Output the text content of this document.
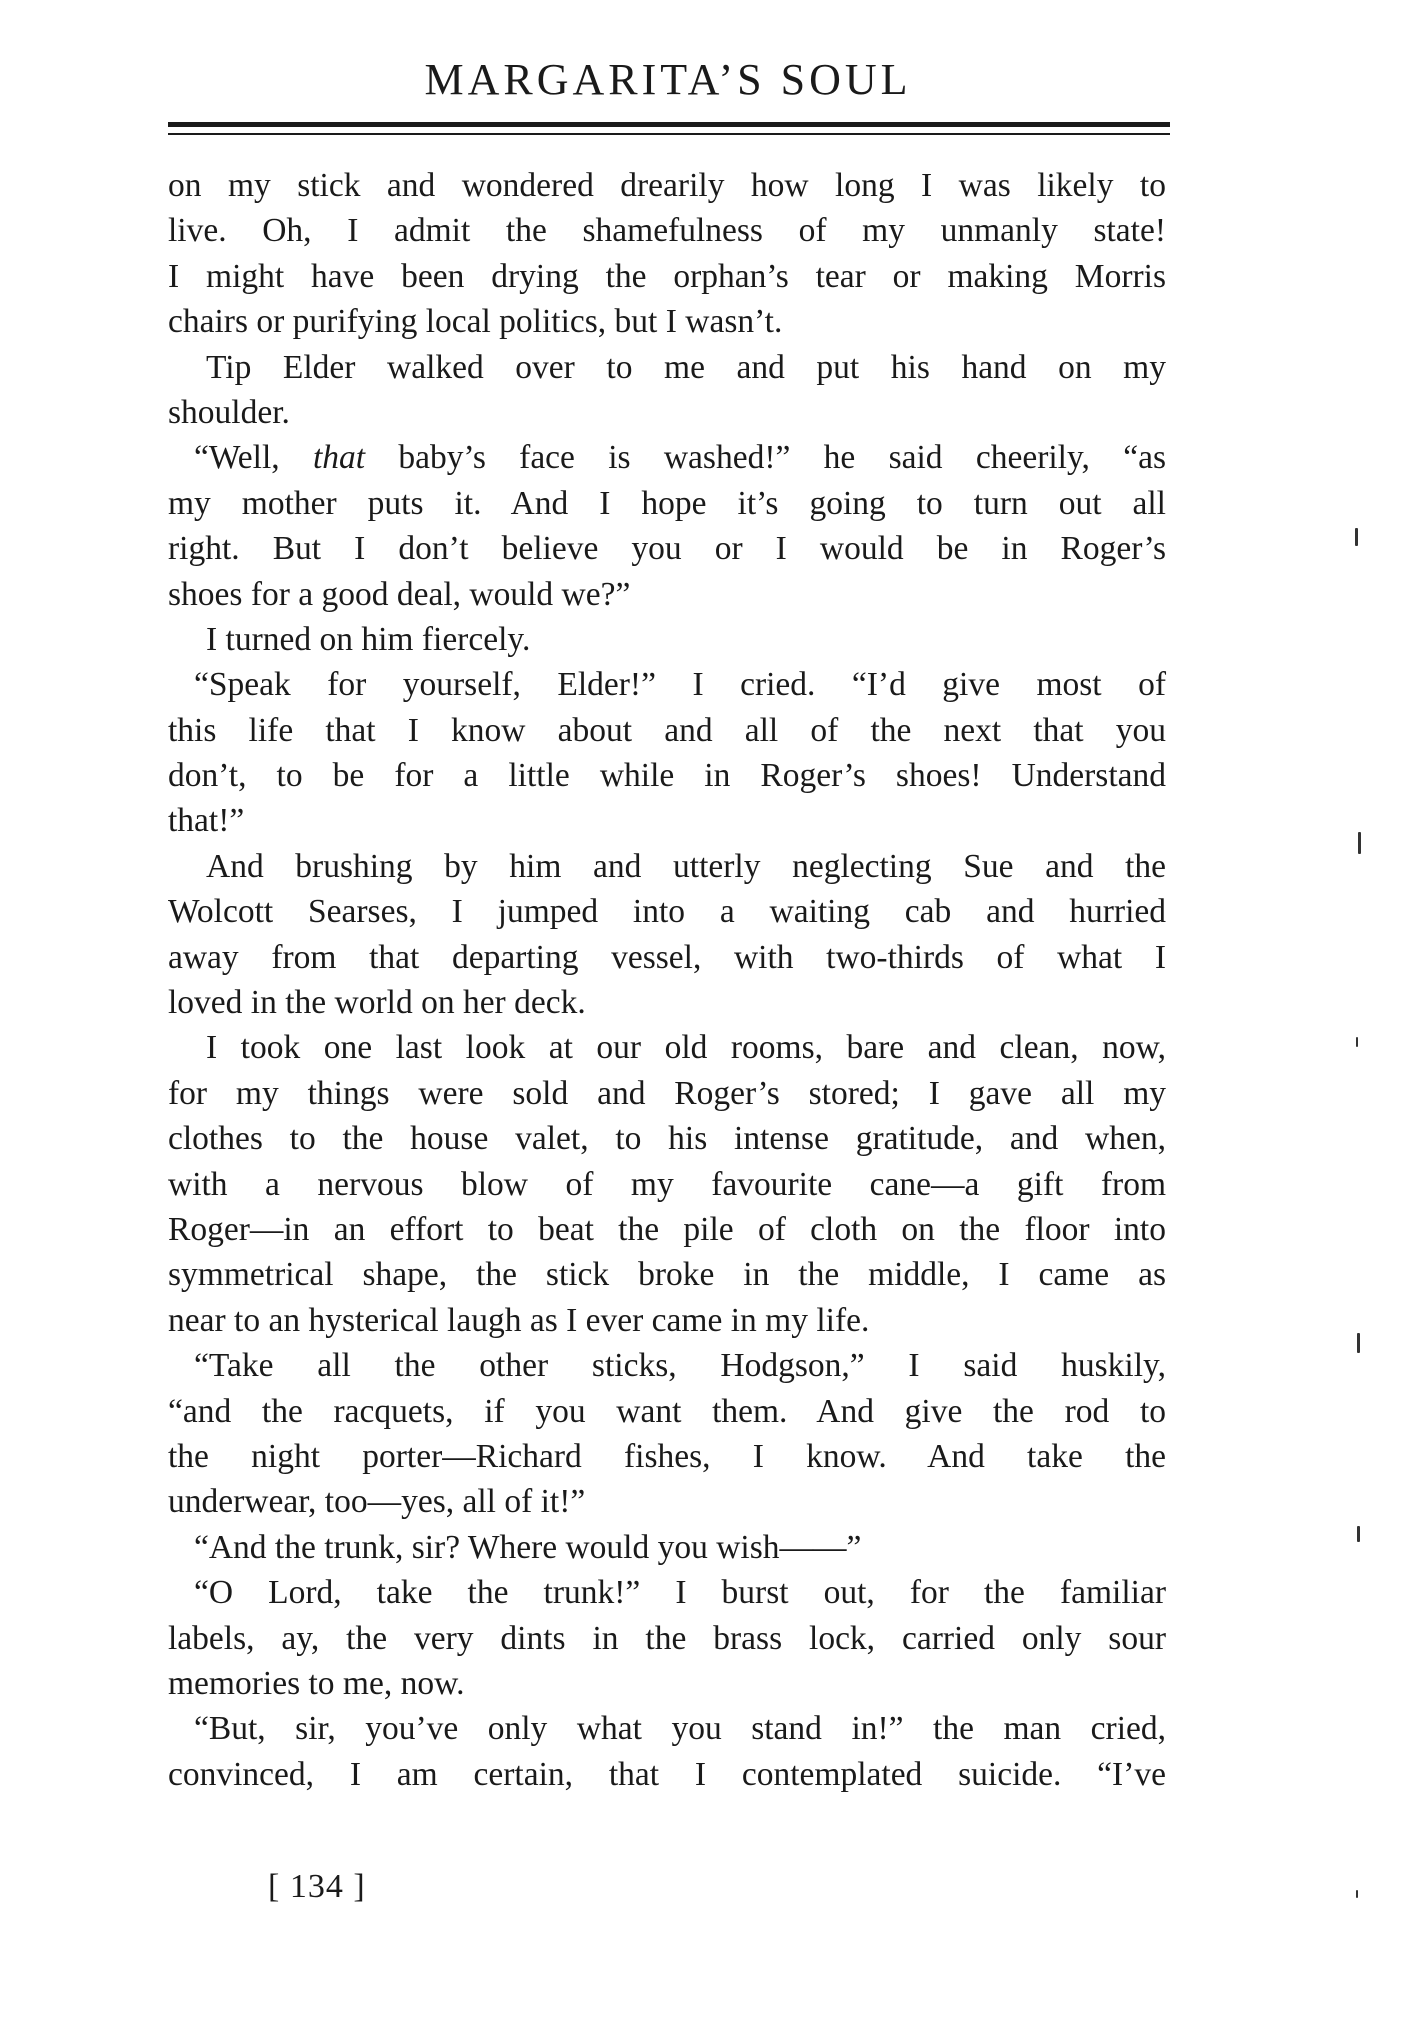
MARGARITA’S SOUL
on my stick and wondered drearily how long I was likely to
live. Oh, I admit the shamefulness of my unmanly state!
I might have been drying the orphan’s tear or making Morris
chairs or purifying local politics, but I wasn’t.
Tip Elder walked over to me and put his hand on my
shoulder.
“Well, that baby’s face is washed!” he said cheerily, “as
my mother puts it. And I hope it’s going to turn out all
right. But I don’t believe you or I would be in Roger’s
shoes for a good deal, would we?”
I turned on him fiercely.
“Speak for yourself, Elder!” I cried. “I’d give most of
this life that I know about and all of the next that you
don’t, to be for a little while in Roger’s shoes! Understand
that!”
And brushing by him and utterly neglecting Sue and the
Wolcott Searses, I jumped into a waiting cab and hurried
away from that departing vessel, with two-thirds of what I
loved in the world on her deck.
I took one last look at our old rooms, bare and clean, now,
for my things were sold and Roger’s stored; I gave all my
clothes to the house valet, to his intense gratitude, and when,
with a nervous blow of my favourite cane—a gift from
Roger—in an effort to beat the pile of cloth on the floor into
symmetrical shape, the stick broke in the middle, I came as
near to an hysterical laugh as I ever came in my life.
“Take all the other sticks, Hodgson,” I said huskily,
“and the racquets, if you want them. And give the rod to
the night porter—Richard fishes, I know. And take the
underwear, too—yes, all of it!”
“And the trunk, sir? Where would you wish——”
“O Lord, take the trunk!” I burst out, for the familiar
labels, ay, the very dints in the brass lock, carried only sour
memories to me, now.
“But, sir, you’ve only what you stand in!” the man cried,
convinced, I am certain, that I contemplated suicide. “I’ve
[ 134 ]
